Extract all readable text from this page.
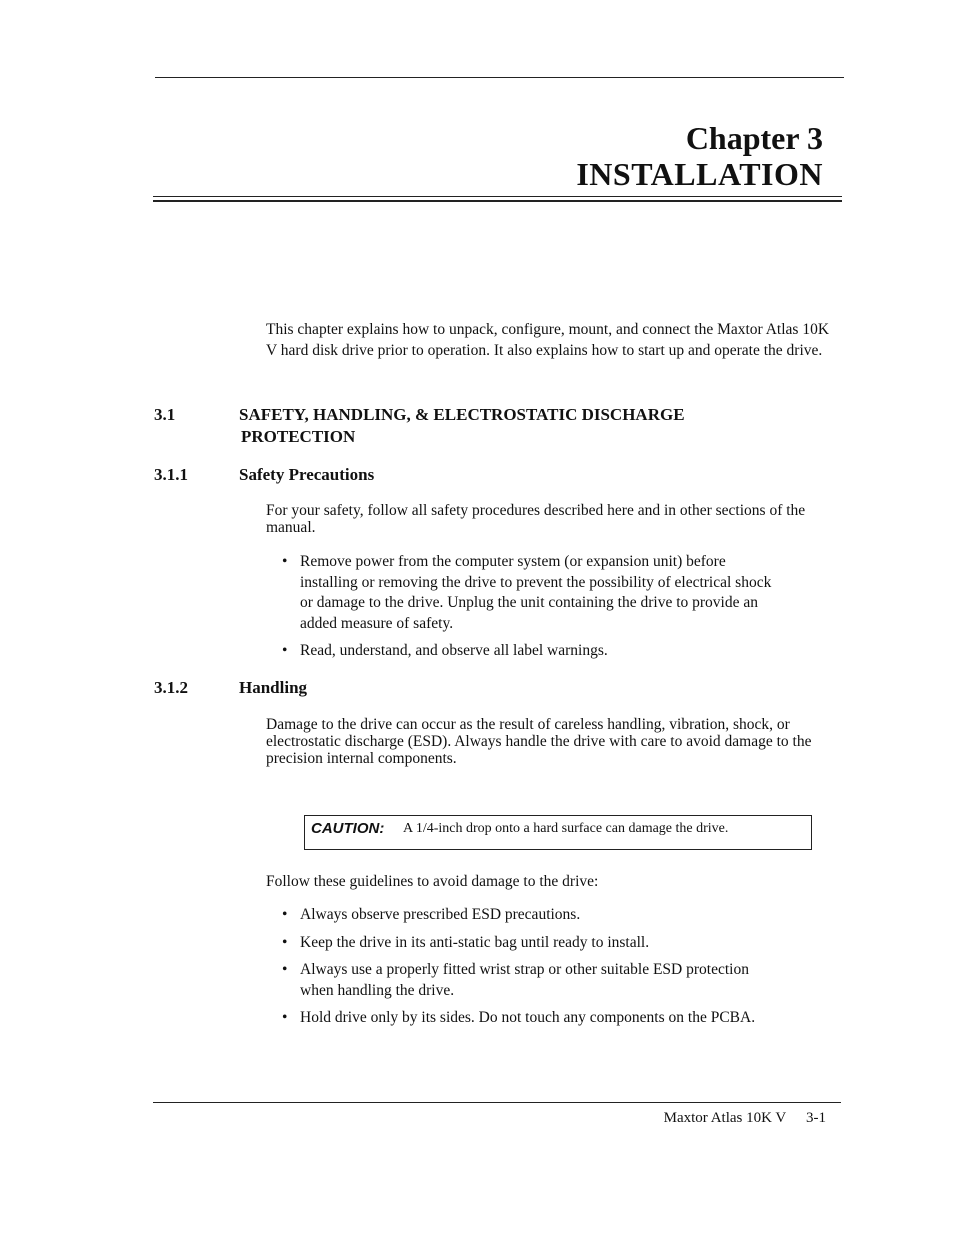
Chapter 3
INSTALLATION
This chapter explains how to unpack, configure, mount, and connect the Maxtor Atlas 10K V hard disk drive prior to operation. It also explains how to start up and operate the drive.
3.1	SAFETY, HANDLING, & ELECTROSTATIC DISCHARGE
PROTECTION
3.1.1	Safety Precautions
For your safety, follow all safety procedures described here and in other sections of the manual.
• Remove power from the computer system (or expansion unit) before installing or removing the drive to prevent the possibility of electrical shock or damage to the drive. Unplug the unit containing the drive to provide an added measure of safety.
• Read, understand, and observe all label warnings.
3.1.2	Handling
Damage to the drive can occur as the result of careless handling, vibration, shock, or electrostatic discharge (ESD). Always handle the drive with care to avoid damage to the precision internal components.
CAUTION: A 1/4-inch drop onto a hard surface can damage the drive.
Follow these guidelines to avoid damage to the drive:
• Always observe prescribed ESD precautions.
• Keep the drive in its anti-static bag until ready to install.
• Always use a properly fitted wrist strap or other suitable ESD protection when handling the drive.
• Hold drive only by its sides. Do not touch any components on the PCBA.
Maxtor Atlas 10K V 3-1
